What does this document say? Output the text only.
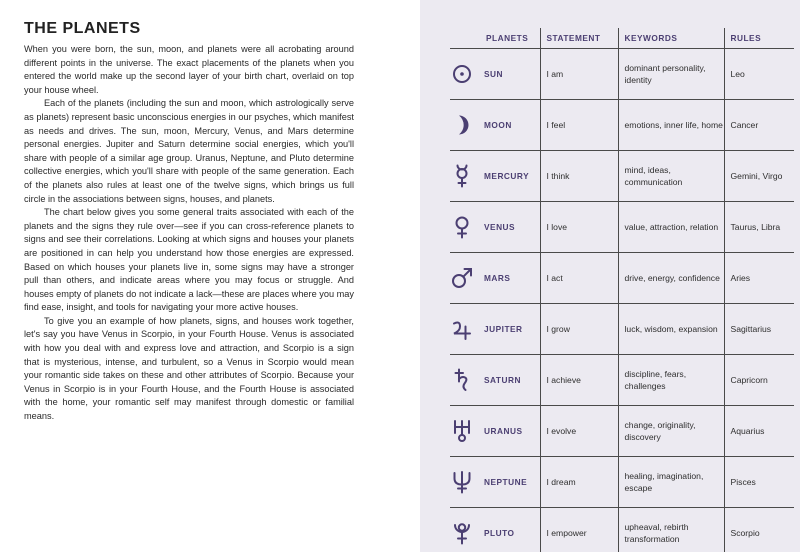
THE PLANETS

When you were born, the sun, moon, and planets were all acrobating around different points in the universe. The exact placements of the planets when you entered the world make up the second layer of your birth chart, overlaid on top your house wheel.

Each of the planets (including the sun and moon, which astrologically serve as planets) represent basic unconscious energies in our psyches, which manifest as needs and drives. The sun, moon, Mercury, Venus, and Mars determine personal energies. Jupiter and Saturn determine social energies, which you'll share with people of a similar age group. Uranus, Neptune, and Pluto determine collective energies, which you'll share with people of the same generation. Each of the planets also rules at least one of the twelve signs, which brings us full circle in the associations between signs, houses, and planets.

The chart below gives you some general traits associated with each of the planets and the signs they rule over—see if you can cross-reference planets to signs and see their correlations. Looking at which signs and houses your planets are positioned in can help you understand how those energies are expressed. Based on which houses your planets live in, some signs may have a stronger pull than others, and indicate areas where you may focus or struggle. And houses empty of planets do not indicate a lack—these are places where you may find ease, insight, and tools for navigating your more active houses.

To give you an example of how planets, signs, and houses work together, let's say you have Venus in Scorpio, in your Fourth House. Venus is associated with how you deal with and express love and attraction, and Scorpio is a sign that is mysterious, intense, and turbulent, so a Venus in Scorpio would mean your romantic side takes on these and other attributes of Scorpio. Because your Venus in Scorpio is in your Fourth House, and the Fourth House is associated with the home, your romantic self may manifest through domestic or familial means.

PLANETS	STATEMENT	KEYWORDS	RULES
SUN	I am	dominant personality, identity	Leo
MOON	I feel	emotions, inner life, home	Cancer
MERCURY	I think	mind, ideas, communication	Gemini, Virgo
VENUS	I love	value, attraction, relation	Taurus, Libra
MARS	I act	drive, energy, confidence	Aries
JUPITER	I grow	luck, wisdom, expansion	Sagittarius
SATURN	I achieve	discipline, fears, challenges	Capricorn
URANUS	I evolve	change, originality, discovery	Aquarius
NEPTUNE	I dream	healing, imagination, escape	Pisces
PLUTO	I empower	upheaval, rebirth transformation	Scorpio
